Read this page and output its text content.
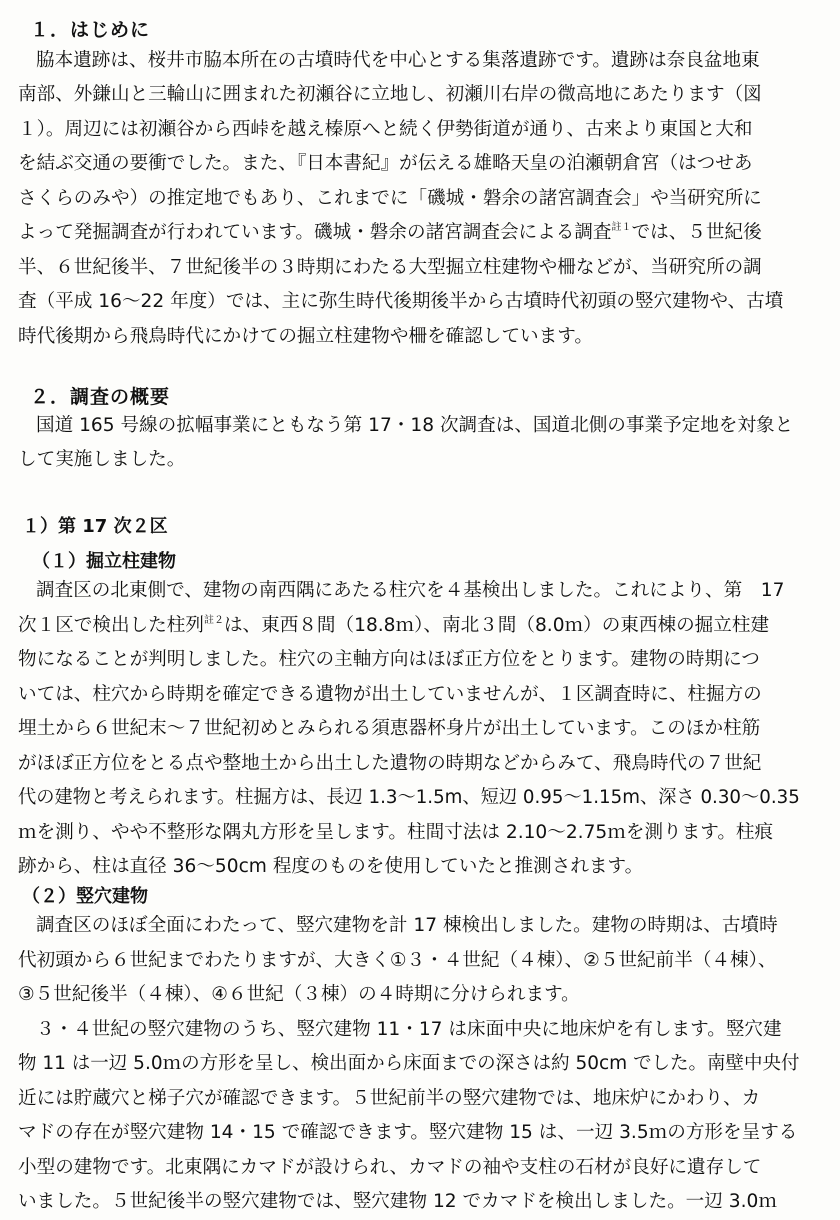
１．はじめに
脇本遺跡は、桜井市脇本所在の古墳時代を中心とする集落遺跡です。遺跡は奈良盆地東
南部、外鎌山と三輪山に囲まれた初瀬谷に立地し、初瀬川右岸の微高地にあたります（図
１）。周辺には初瀬谷から西峠を越え榛原へと続く伊勢街道が通り、古来より東国と大和
を結ぶ交通の要衝でした。また、『日本書紀』が伝える雄略天皇の泊瀬朝倉宮（はつせあ
さくらのみや）の推定地でもあり、これまでに「磯城・磐余の諸宮調査会」や当研究所に
よって発掘調査が行われています。磯城・磐余の諸宮調査会による調査$^{註1}$では、５世紀後
半、６世紀後半、７世紀後半の３時期にわたる大型掘立柱建物や柵などが、当研究所の調
査（平成 16～22 年度）では、主に弥生時代後期後半から古墳時代初頭の竪穴建物や、古墳
時代後期から飛鳥時代にかけての掘立柱建物や柵を確認しています。
２．調査の概要
国道 165 号線の拡幅事業にともなう第 17・18 次調査は、国道北側の事業予定地を対象と
して実施しました。
１）第 17 次２区
（１）掘立柱建物
調査区の北東側で、建物の南西隅にあたる柱穴を４基検出しました。これにより、第　17
次１区で検出した柱列$^{註2}$は、東西８間（18.8ｍ）、南北３間（8.0ｍ）の東西棟の掘立柱建
物になることが判明しました。柱穴の主軸方向はほぼ正方位をとります。建物の時期につ
いては、柱穴から時期を確定できる遺物が出土していませんが、１区調査時に、柱掘方の
埋土から６世紀末～７世紀初めとみられる須恵器杯身片が出土しています。このほか柱筋
がほぼ正方位をとる点や整地土から出土した遺物の時期などからみて、飛鳥時代の７世紀
代の建物と考えられます。柱掘方は、長辺 1.3～1.5m、短辺 0.95～1.15m、深さ 0.30～0.35
ｍを測り、やや不整形な隅丸方形を呈します。柱間寸法は 2.10～2.75ｍを測ります。柱痕
跡から、柱は直径 36～50cm 程度のものを使用していたと推測されます。
（２）竪穴建物
調査区のほぼ全面にわたって、竪穴建物を計 17 棟検出しました。建物の時期は、古墳時
代初頭から６世紀までわたりますが、大きく①３・４世紀（４棟）、②５世紀前半（４棟）、
③５世紀後半（４棟）、④６世紀（３棟）の４時期に分けられます。
３・４世紀の竪穴建物のうち、竪穴建物 11・17 は床面中央に地床炉を有します。竪穴建
物 11 は一辺 5.0ｍの方形を呈し、検出面から床面までの深さは約 50cm でした。南壁中央付
近には貯蔵穴と梯子穴が確認できます。５世紀前半の竪穴建物では、地床炉にかわり、カ
マドの存在が竪穴建物 14・15 で確認できます。竪穴建物 15 は、一辺 3.5ｍの方形を呈する
小型の建物です。北東隅にカマドが設けられ、カマドの袖や支柱の石材が良好に遺存して
いました。５世紀後半の竪穴建物では、竪穴建物 12 でカマドを検出しました。一辺 3.0ｍ
